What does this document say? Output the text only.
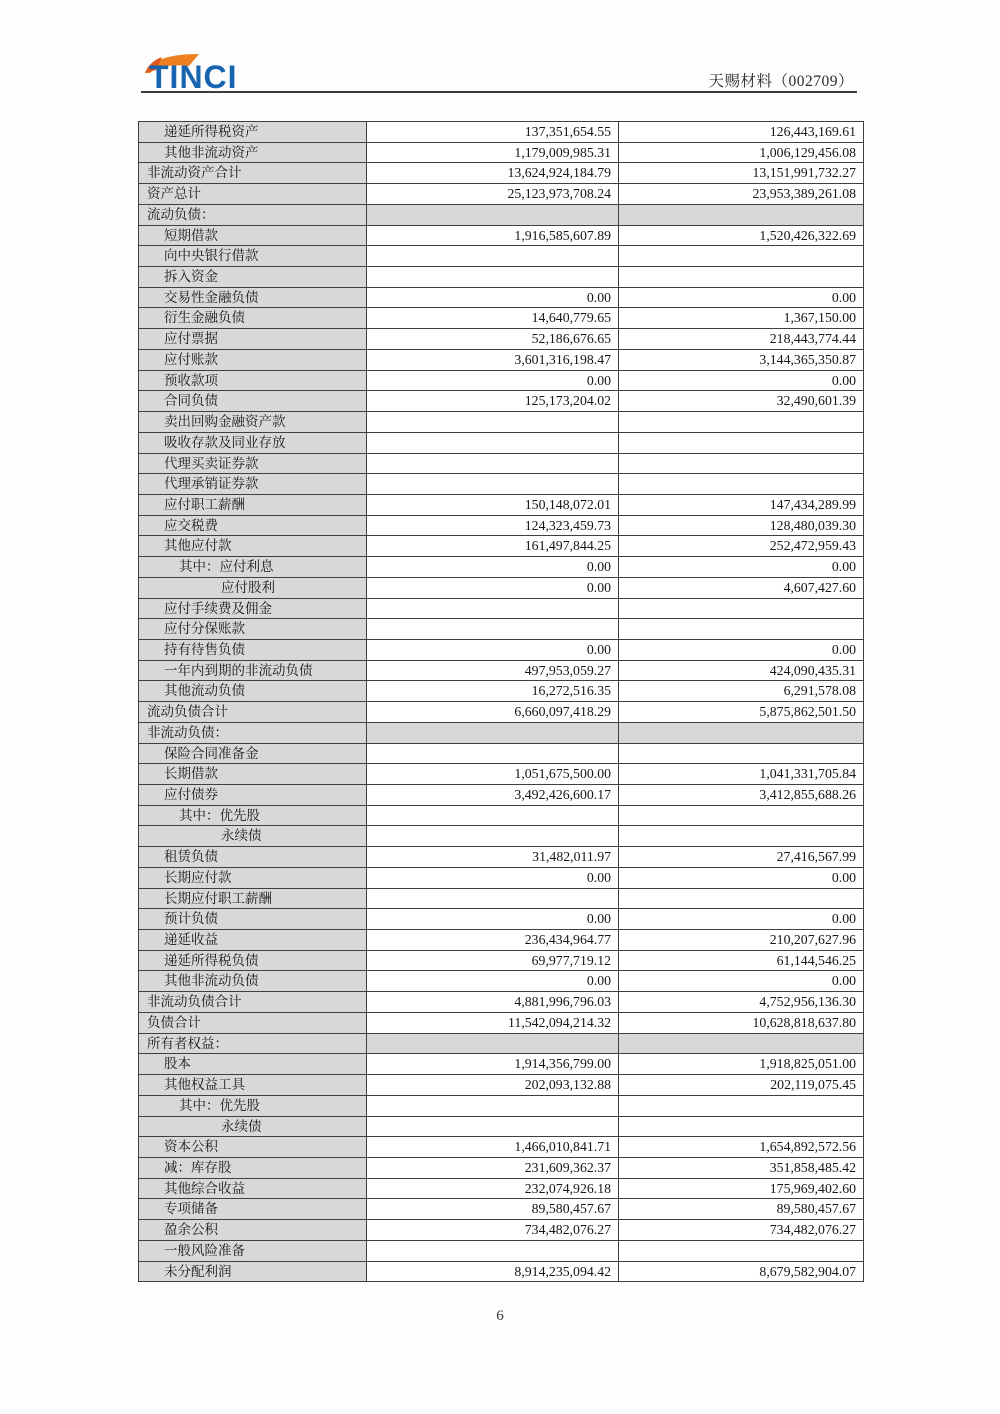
TINCI	天赐材料（002709）
递延所得税资产	137,351,654.55	126,443,169.61
其他非流动资产	1,179,009,985.31	1,006,129,456.08
非流动资产合计	13,624,924,184.79	13,151,991,732.27
资产总计	25,123,973,708.24	23,953,389,261.08
流动负债：
短期借款	1,916,585,607.89	1,520,426,322.69
向中央银行借款
拆入资金
交易性金融负债	0.00	0.00
衍生金融负债	14,640,779.65	1,367,150.00
应付票据	52,186,676.65	218,443,774.44
应付账款	3,601,316,198.47	3,144,365,350.87
预收款项	0.00	0.00
合同负债	125,173,204.02	32,490,601.39
卖出回购金融资产款
吸收存款及同业存放
代理买卖证券款
代理承销证券款
应付职工薪酬	150,148,072.01	147,434,289.99
应交税费	124,323,459.73	128,480,039.30
其他应付款	161,497,844.25	252,472,959.43
其中：应付利息	0.00	0.00
应付股利	0.00	4,607,427.60
应付手续费及佣金
应付分保账款
持有待售负债	0.00	0.00
一年内到期的非流动负债	497,953,059.27	424,090,435.31
其他流动负债	16,272,516.35	6,291,578.08
流动负债合计	6,660,097,418.29	5,875,862,501.50
非流动负债：
保险合同准备金
长期借款	1,051,675,500.00	1,041,331,705.84
应付债券	3,492,426,600.17	3,412,855,688.26
其中：优先股
永续债
租赁负债	31,482,011.97	27,416,567.99
长期应付款	0.00	0.00
长期应付职工薪酬
预计负债	0.00	0.00
递延收益	236,434,964.77	210,207,627.96
递延所得税负债	69,977,719.12	61,144,546.25
其他非流动负债	0.00	0.00
非流动负债合计	4,881,996,796.03	4,752,956,136.30
负债合计	11,542,094,214.32	10,628,818,637.80
所有者权益：
股本	1,914,356,799.00	1,918,825,051.00
其他权益工具	202,093,132.88	202,119,075.45
其中：优先股
永续债
资本公积	1,466,010,841.71	1,654,892,572.56
减：库存股	231,609,362.37	351,858,485.42
其他综合收益	232,074,926.18	175,969,402.60
专项储备	89,580,457.67	89,580,457.67
盈余公积	734,482,076.27	734,482,076.27
一般风险准备
未分配利润	8,914,235,094.42	8,679,582,904.07
6
